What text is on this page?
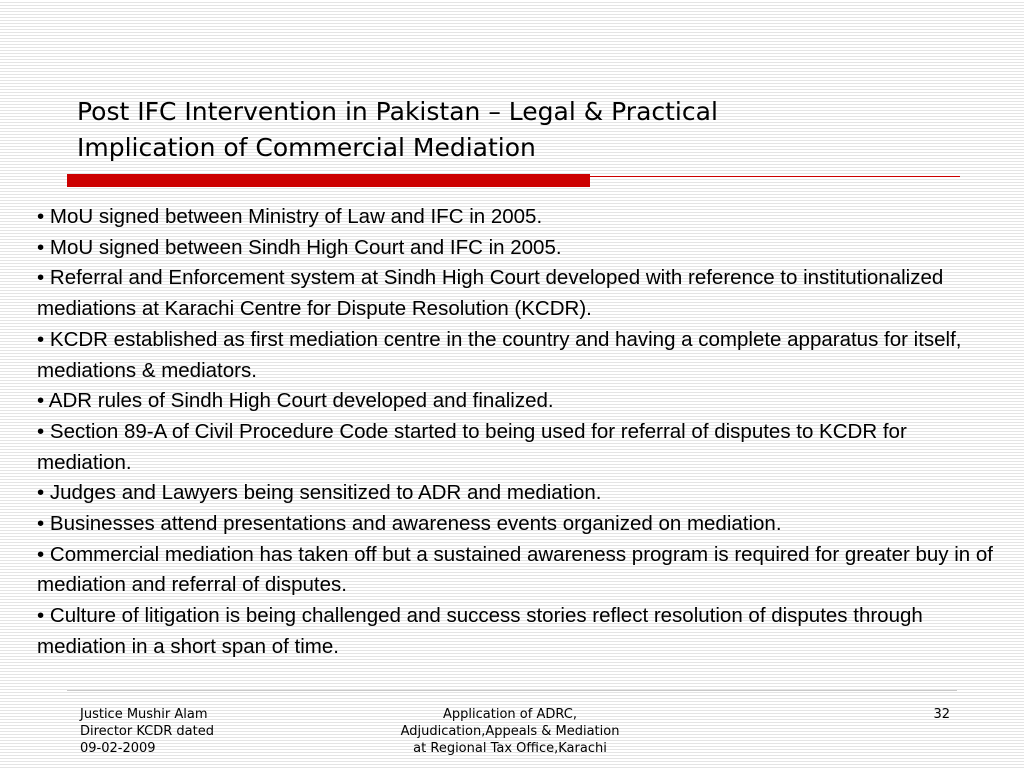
Post IFC Intervention in Pakistan – Legal & Practical
Implication of Commercial Mediation
• MoU signed between Ministry of Law and IFC in 2005.
• MoU signed between Sindh High Court and IFC in 2005.
• Referral and Enforcement system at Sindh High Court developed with reference to institutionalized mediations at Karachi Centre for Dispute Resolution (KCDR).
• KCDR established as first mediation centre in the country and having a complete apparatus for itself, mediations & mediators.
• ADR rules of Sindh High Court developed and finalized.
• Section 89-A of Civil Procedure Code started to being used for referral of disputes to KCDR for mediation.
• Judges and Lawyers being sensitized to ADR and mediation.
• Businesses attend presentations and awareness events organized on mediation.
• Commercial mediation has taken off but a sustained awareness program is required for greater buy in of mediation and referral of disputes.
• Culture of litigation is being challenged and success stories reflect resolution of disputes through mediation in a short span of time.
Justice Mushir Alam
Director KCDR dated
09-02-2009
Application of ADRC,
Adjudication,Appeals & Mediation
at Regional Tax Office,Karachi
32
